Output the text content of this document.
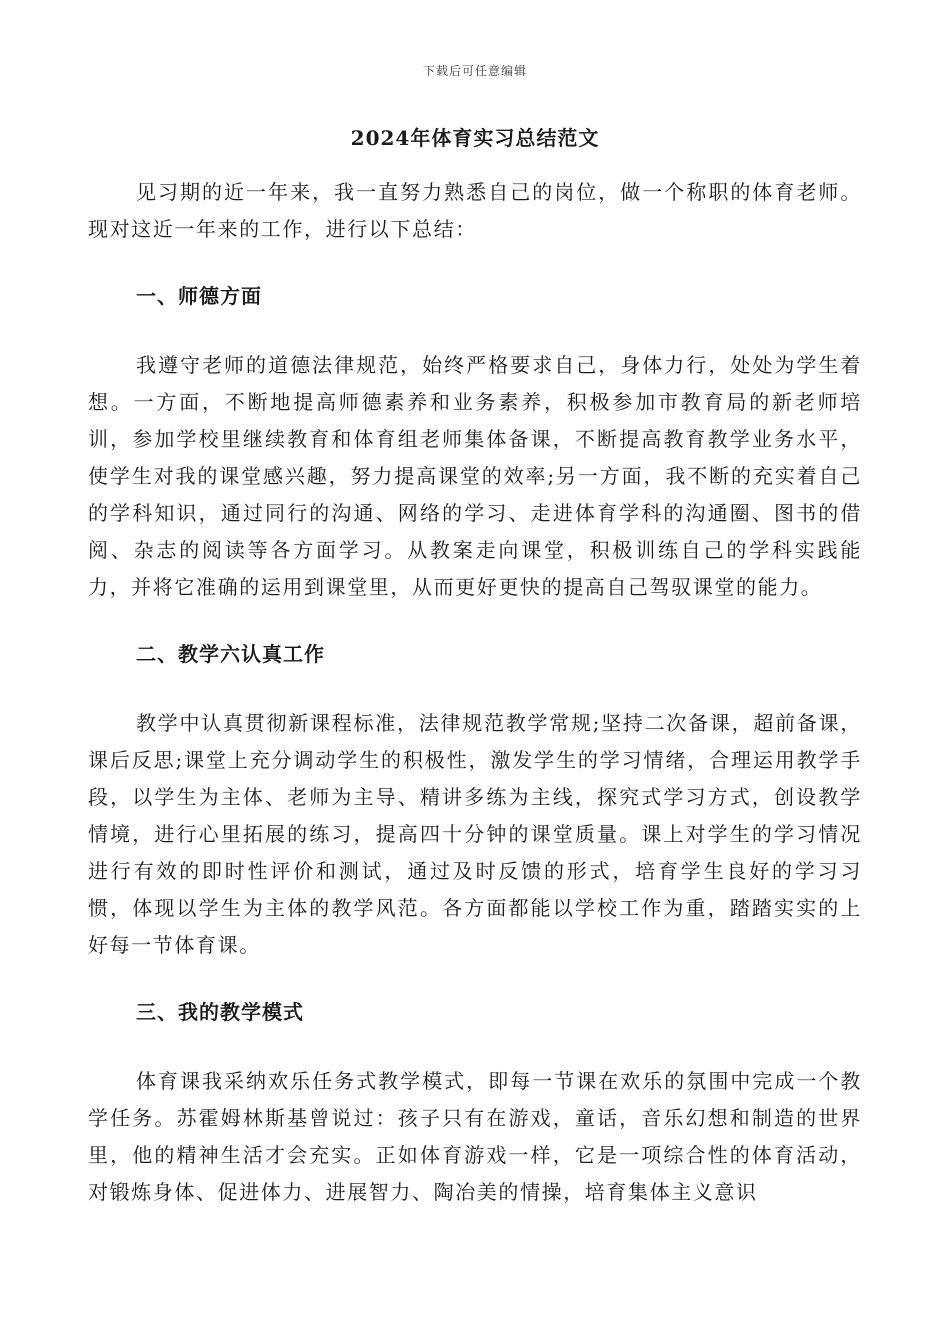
下载后可任意编辑
2024年体育实习总结范文

见习期的近一年来，我一直努力熟悉自己的岗位，做一个称职的体育老师。现对这近一年来的工作，进行以下总结：

一、师德方面

我遵守老师的道德法律规范，始终严格要求自己，身体力行，处处为学生着想。一方面，不断地提高师德素养和业务素养，积极参加市教育局的新老师培训，参加学校里继续教育和体育组老师集体备课，不断提高教育教学业务水平，使学生对我的课堂感兴趣，努力提高课堂的效率;另一方面，我不断的充实着自己的学科知识，通过同行的沟通、网络的学习、走进体育学科的沟通圈、图书的借阅、杂志的阅读等各方面学习。从教案走向课堂，积极训练自己的学科实践能力，并将它准确的运用到课堂里，从而更好更快的提高自己驾驭课堂的能力。

二、教学六认真工作

教学中认真贯彻新课程标准，法律规范教学常规;坚持二次备课，超前备课，课后反思;课堂上充分调动学生的积极性，激发学生的学习情绪，合理运用教学手段，以学生为主体、老师为主导、精讲多练为主线，探究式学习方式，创设教学情境，进行心里拓展的练习，提高四十分钟的课堂质量。课上对学生的学习情况进行有效的即时性评价和测试，通过及时反馈的形式，培育学生良好的学习习惯，体现以学生为主体的教学风范。各方面都能以学校工作为重，踏踏实实的上好每一节体育课。

三、我的教学模式

体育课我采纳欢乐任务式教学模式，即每一节课在欢乐的氛围中完成一个教学任务。苏霍姆林斯基曾说过：孩子只有在游戏，童话，音乐幻想和制造的世界里，他的精神生活才会充实。正如体育游戏一样，它是一项综合性的体育活动，对锻炼身体、促进体力、进展智力、陶冶美的情操，培育集体主义意识
